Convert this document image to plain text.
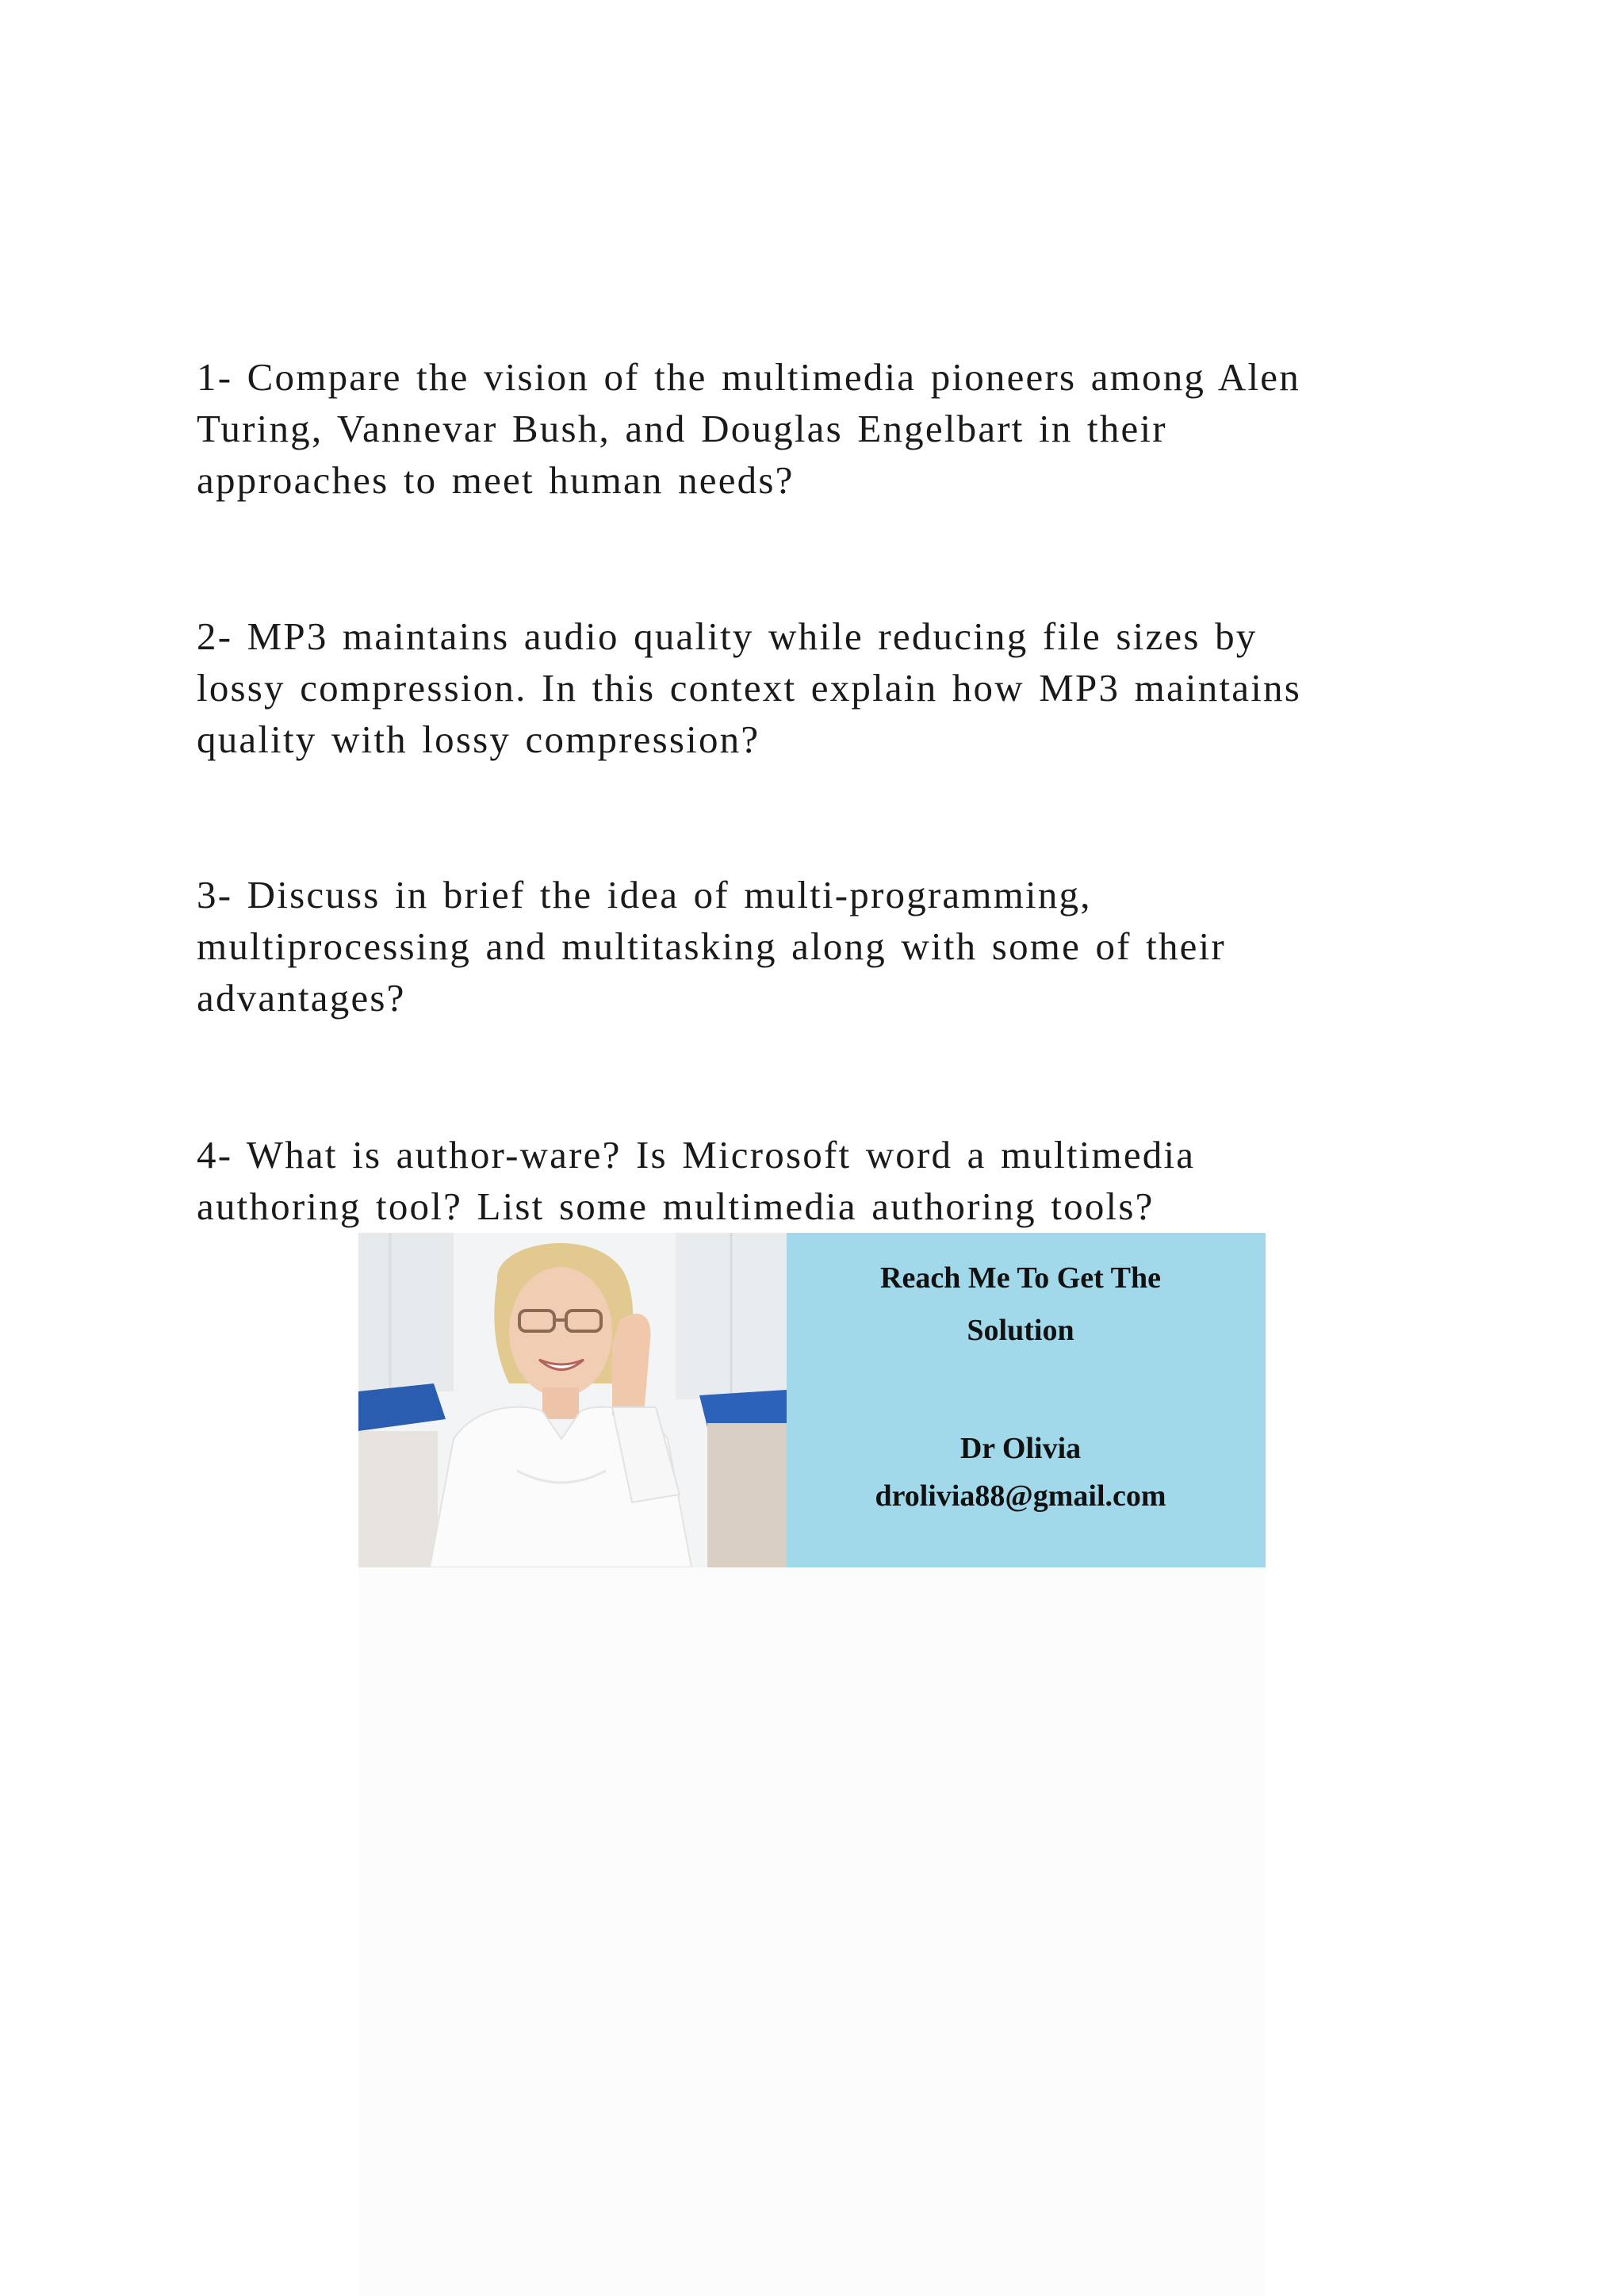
1- Compare the vision of the multimedia pioneers among Alen
Turing, Vannevar Bush, and Douglas Engelbart in their
approaches to meet human needs?

2- MP3 maintains audio quality while reducing file sizes by
lossy compression. In this context explain how MP3 maintains
quality with lossy compression?

3- Discuss in brief the idea of multi-programming,
multiprocessing and multitasking along with some of their
advantages?

4- What is author-ware? Is Microsoft word a multimedia
authoring tool? List some multimedia authoring tools?

Reach Me To Get The
Solution
Dr Olivia
drolivia88@gmail.com
